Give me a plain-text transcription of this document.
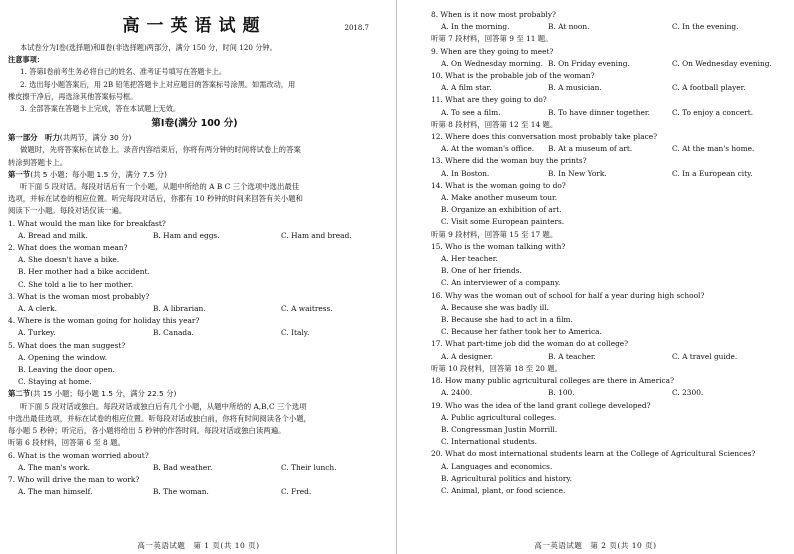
高一英语试题	2018.7
本试卷分为Ⅰ卷(选择题)和Ⅱ卷(非选择题)两部分，满分 150 分，时间 120 分钟。
注意事项：
1. 答第Ⅰ卷前考生务必将自己的姓名、准考证号填写在答题卡上。
2. 选出每小题答案后，用 2B 铅笔把答题卡上对应题目的答案标号涂黑。如需改动，用
橡皮擦干净后，再选涂其他答案标号框。
3. 全部答案在答题卡上完成，答在本试题上无效。
第Ⅰ卷(满分 100 分)
第一部分　听力(共两节，满分 30 分)
做题时，先将答案标在试卷上。录音内容结束后，你将有两分钟的时间将试卷上的答案
转涂到答题卡上。
第一节(共 5 小题；每小题 1.5 分，满分 7.5 分)
听下面 5 段对话。每段对话后有一个小题，从题中所给的 A B C 三个选项中选出最佳
选项，并标在试卷的相应位置。听完每段对话后，你都有 10 秒钟的时间来回答有关小题和
阅读下一小题。每段对话仅读一遍。
1. What would the man like for breakfast?
A. Bread and milk.	B. Ham and eggs.	C. Ham and bread.
2. What does the woman mean?
A. She doesn't have a bike.
B. Her mother had a bike accident.
C. She told a lie to her mother.
3. What is the woman most probably?
A. A clerk.	B. A librarian.	C. A waitress.
4. Where is the woman going for holiday this year?
A. Turkey.	B. Canada.	C. Italy.
5. What does the man suggest?
A. Opening the window.
B. Leaving the door open.
C. Staying at home.
第二节(共 15 小题；每小题 1.5 分，满分 22.5 分)
听下面 5 段对话或独白。每段对话或独白后有几个小题，从题中所给的 A,B,C 三个选项
中选出最佳选项，并标在试卷的相应位置。听每段对话或独白前，你将有时间阅读各个小题，
每小题 5 秒钟；听完后，各小题将给出 5 秒钟的作答时间。每段对话或独白读两遍。
听第 6 段材料，回答第 6 至 8 题。
6. What is the woman worried about?
A. The man's work.	B. Bad weather.	C. Their lunch.
7. Who will drive the man to work?
A. The man himself.	B. The woman.	C. Fred.
高一英语试题　第 1 页(共 10 页)
8. When is it now most probably?
A. In the morning.	B. At noon.	C. In the evening.
听第 7 段材料，回答第 9 至 11 题。
9. When are they going to meet?
A. On Wednesday morning. B. On Friday evening.	C. On Wednesday evening.
10. What is the probable job of the woman?
A. A film star.	B. A musician.	C. A football player.
11. What are they going to do?
A. To see a film.	B. To have dinner together.	C. To enjoy a concert.
听第 8 段材料，回答第 12 至 14 题。
12. Where does this conversation most probably take place?
A. At the woman's office.	B. At a museum of art.	C. At the man's home.
13. Where did the woman buy the prints?
A. In Boston.	B. In New York.	C. In a European city.
14. What is the woman going to do?
A. Make another museum tour.
B. Organize an exhibition of art.
C. Visit some European painters.
听第 9 段材料，回答第 15 至 17 题。
15. Who is the woman talking with?
A. Her teacher.
B. One of her friends.
C. An interviewer of a company.
16. Why was the woman out of school for half a year during high school?
A. Because she was badly ill.
B. Because she had to act in a film.
C. Because her father took her to America.
17. What part-time job did the woman do at college?
A. A designer.	B. A teacher.	C. A travel guide.
听第 10 段材料，回答第 18 至 20 题。
18. How many public agricultural colleges are there in America?
A. 2400.	B. 100.	C. 2300.
19. Who was the idea of the land grant college developed?
A. Public agricultural colleges.
B. Congressman Justin Morrill.
C. International students.
20. What do most international students learn at the College of Agricultural Sciences?
A. Languages and economics.
B. Agricultural politics and history.
C. Animal, plant, or food science.
高一英语试题　第 2 页(共 10 页)
